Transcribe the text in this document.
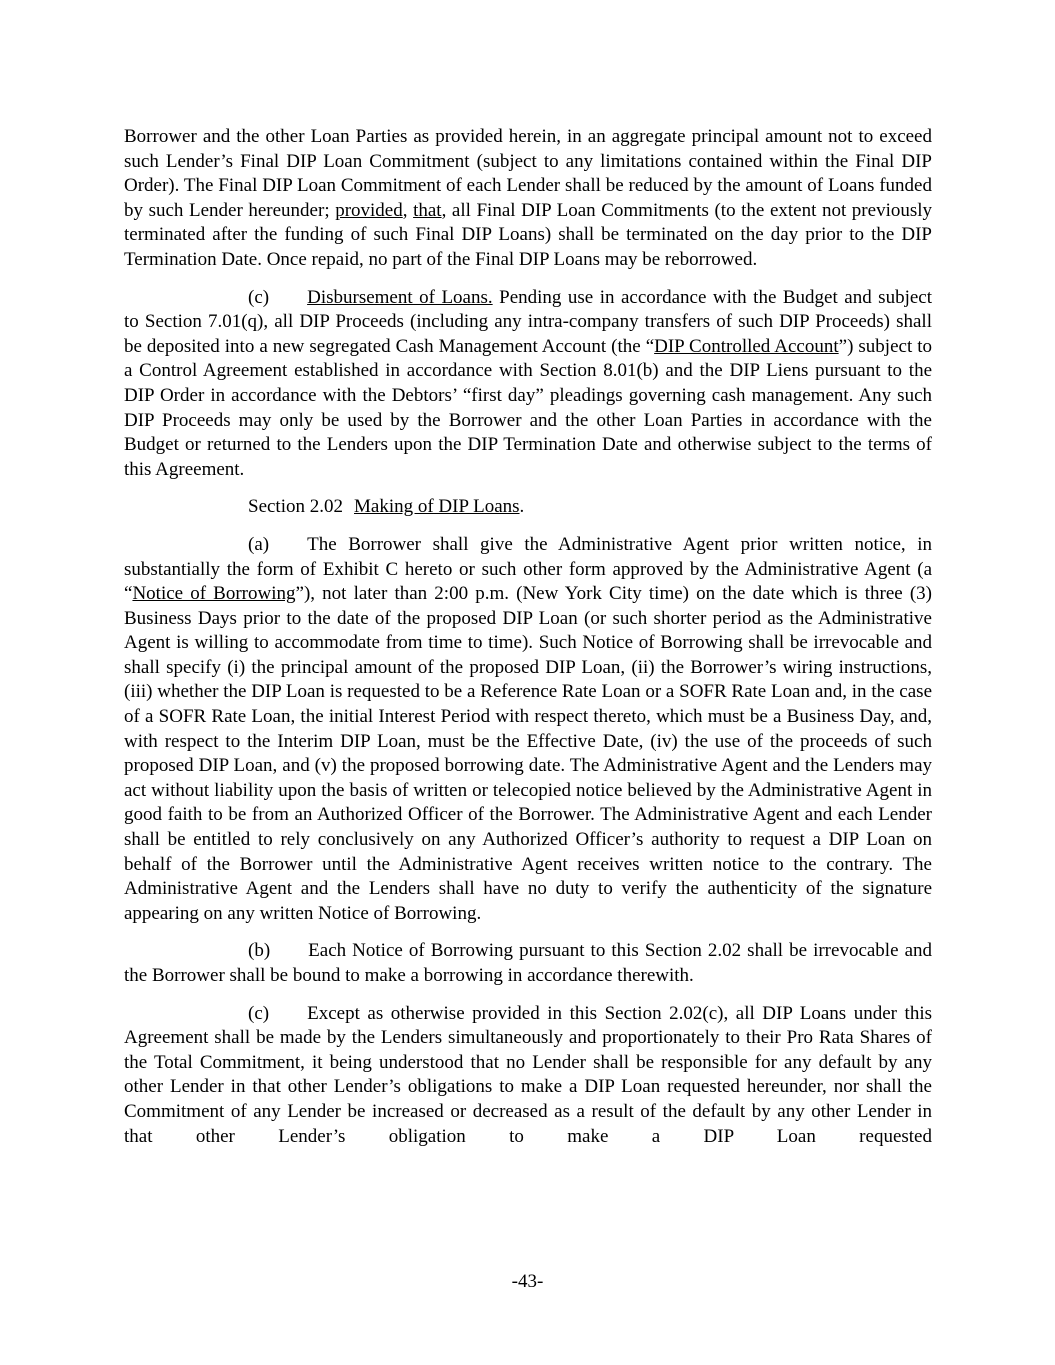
Borrower and the other Loan Parties as provided herein, in an aggregate principal amount not to exceed such Lender’s Final DIP Loan Commitment (subject to any limitations contained within the Final DIP Order). The Final DIP Loan Commitment of each Lender shall be reduced by the amount of Loans funded by such Lender hereunder; provided, that, all Final DIP Loan Commitments (to the extent not previously terminated after the funding of such Final DIP Loans) shall be terminated on the day prior to the DIP Termination Date. Once repaid, no part of the Final DIP Loans may be reborrowed.

(c) Disbursement of Loans. Pending use in accordance with the Budget and subject to Section 7.01(q), all DIP Proceeds (including any intra-company transfers of such DIP Proceeds) shall be deposited into a new segregated Cash Management Account (the “DIP Controlled Account”) subject to a Control Agreement established in accordance with Section 8.01(b) and the DIP Liens pursuant to the DIP Order in accordance with the Debtors’ “first day” pleadings governing cash management. Any such DIP Proceeds may only be used by the Borrower and the other Loan Parties in accordance with the Budget or returned to the Lenders upon the DIP Termination Date and otherwise subject to the terms of this Agreement.

Section 2.02 Making of DIP Loans.

(a) The Borrower shall give the Administrative Agent prior written notice, in substantially the form of Exhibit C hereto or such other form approved by the Administrative Agent (a “Notice of Borrowing”), not later than 2:00 p.m. (New York City time) on the date which is three (3) Business Days prior to the date of the proposed DIP Loan (or such shorter period as the Administrative Agent is willing to accommodate from time to time). Such Notice of Borrowing shall be irrevocable and shall specify (i) the principal amount of the proposed DIP Loan, (ii) the Borrower’s wiring instructions, (iii) whether the DIP Loan is requested to be a Reference Rate Loan or a SOFR Rate Loan and, in the case of a SOFR Rate Loan, the initial Interest Period with respect thereto, which must be a Business Day, and, with respect to the Interim DIP Loan, must be the Effective Date, (iv) the use of the proceeds of such proposed DIP Loan, and (v) the proposed borrowing date. The Administrative Agent and the Lenders may act without liability upon the basis of written or telecopied notice believed by the Administrative Agent in good faith to be from an Authorized Officer of the Borrower. The Administrative Agent and each Lender shall be entitled to rely conclusively on any Authorized Officer’s authority to request a DIP Loan on behalf of the Borrower until the Administrative Agent receives written notice to the contrary. The Administrative Agent and the Lenders shall have no duty to verify the authenticity of the signature appearing on any written Notice of Borrowing.

(b) Each Notice of Borrowing pursuant to this Section 2.02 shall be irrevocable and the Borrower shall be bound to make a borrowing in accordance therewith.

(c) Except as otherwise provided in this Section 2.02(c), all DIP Loans under this Agreement shall be made by the Lenders simultaneously and proportionately to their Pro Rata Shares of the Total Commitment, it being understood that no Lender shall be responsible for any default by any other Lender in that other Lender’s obligations to make a DIP Loan requested hereunder, nor shall the Commitment of any Lender be increased or decreased as a result of the default by any other Lender in that other Lender’s obligation to make a DIP Loan requested

-43-
